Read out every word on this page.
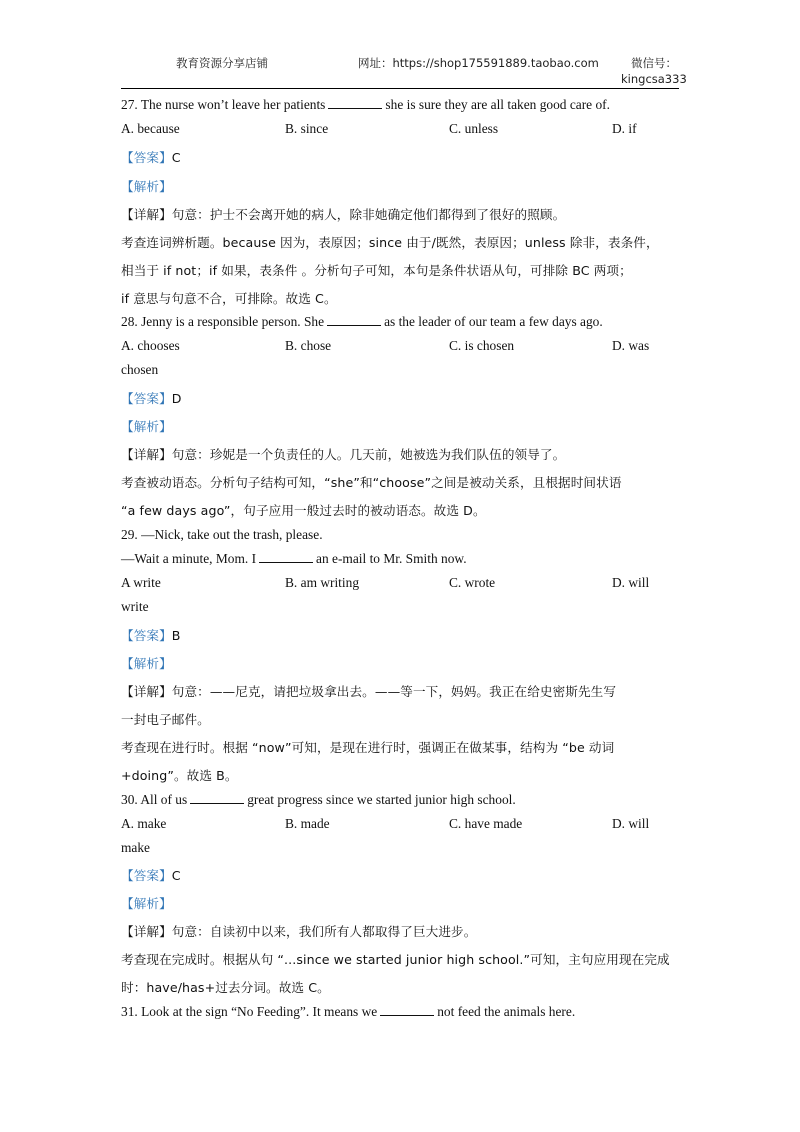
教育资源分享店铺	网址：https://shop175591889.taobao.com	微信号：
kingcsa333
27. The nurse won’t leave her patients	she is sure they are all taken good care of.
A. because	B. since	C. unless	D. if
【答案】C
【解析】
【详解】句意：护士不会离开她的病人，除非她确定他们都得到了很好的照顾。
考查连词辨析题。because 因为，表原因；since 由于/既然，表原因；unless 除非，表条件，
相当于 if not；if 如果，表条件 。分析句子可知，本句是条件状语从句，可排除 BC 两项；
if 意思与句意不合，可排除。故选 C。
28. Jenny is a responsible person. She	as the leader of our team a few days ago.
A. chooses	B. chose	C. is chosen	D. was
chosen
【答案】D
【解析】
【详解】句意：珍妮是一个负责任的人。几天前，她被选为我们队伍的领导了。
考查被动语态。分析句子结构可知，“she”和“choose”之间是被动关系，且根据时间状语
“a few days ago”，句子应用一般过去时的被动语态。故选 D。
29. —Nick, take out the trash, please.
—Wait a minute, Mom. I	an e-mail to Mr. Smith now.
A write	B. am writing	C. wrote	D. will
write
【答案】B
【解析】
【详解】句意：——尼克，请把垃圾拿出去。——等一下，妈妈。我正在给史密斯先生写
一封电子邮件。
考查现在进行时。根据 “now”可知，是现在进行时，强调正在做某事，结构为 “be 动词
+doing”。故选 B。
30. All of us	great progress since we started junior high school.
A. make	B. made	C. have made	D. will
make
【答案】C
【解析】
【详解】句意：自读初中以来，我们所有人都取得了巨大进步。
考查现在完成时。根据从句 “...since we started junior high school.”可知，主句应用现在完成
时：have/has+过去分词。故选 C。
31. Look at the sign “No Feeding”. It means we	not feed the animals here.
